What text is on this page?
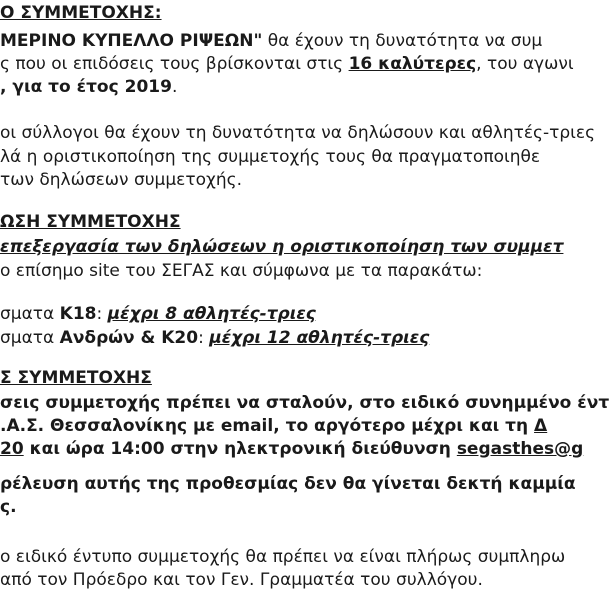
Ο ΣΥΜΜΕΤΟΧΗΣ:
ΜΕΡΙΝΟ ΚΥΠΕΛΛΟ ΡΙΨΕΩΝ" θα έχουν τη δυνατότητα να συμ
ς που οι επιδόσεις τους βρίσκονται στις 16 καλύτερες, του αγωνι
, για το έτος 2019.
οι σύλλογοι θα έχουν τη δυνατότητα να δηλώσουν και αθλητές-τριες
λά η οριστικοποίηση της συμμετοχής τους θα πραγματοποιηθε
των δηλώσεων συμμετοχής.
ΩΣΗ ΣΥΜΜΕΤΟΧΗΣ
επεξεργασία των δηλώσεων η οριστικοποίηση των συμμετ
ο επίσημο site του ΣΕΓΑΣ και σύμφωνα με τα παρακάτω:
σματα Κ18: μέχρι 8 αθλητές-τριες
σματα Ανδρών & Κ20: μέχρι 12 αθλητές-τριες
Σ ΣΥΜΜΕΤΟΧΗΣ
σεις συμμετοχής πρέπει να σταλούν, στο ειδικό συνημμένο έντ
.Α.Σ. Θεσσαλονίκης με email, το αργότερο μέχρι και τη Δ
20 και ώρα 14:00 στην ηλεκτρονική διεύθυνση segasthes@g
ρέλευση αυτής της προθεσμίας δεν θα γίνεται δεκτή καμμία
ς.
ο ειδικό έντυπο συμμετοχής θα πρέπει να είναι πλήρως συμπληρω
από τον Πρόεδρο και τον Γεν. Γραμματέα του συλλόγου.
